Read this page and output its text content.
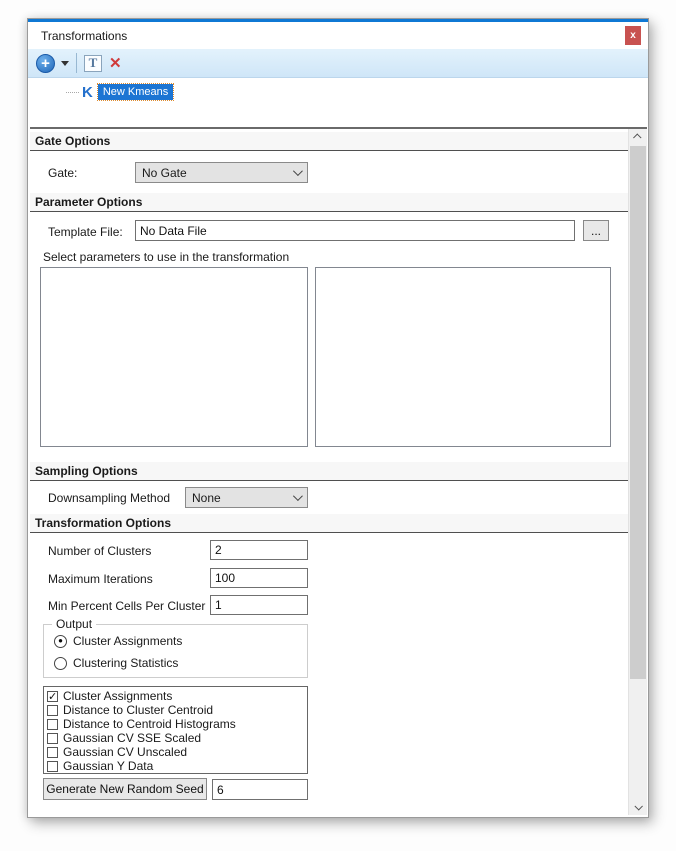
Transformations	x
+	T ✕
K New Kmeans
Gate Options
Gate:	No Gate
Parameter Options
Template File:
No Data File	...
Select parameters to use in the transformation
Sampling Options
Downsampling Method None
Transformation Options
Number of Clusters
2
Maximum Iterations
100
Min Percent Cells Per Cluster
1
Output
● Cluster Assignments
Clustering Statistics
✓ Cluster Assignments
Distance to Cluster Centroid
Distance to Centroid Histograms
Gaussian CV SSE Scaled
Gaussian CV Unscaled
Gaussian Y Data
Generate New Random Seed
6
